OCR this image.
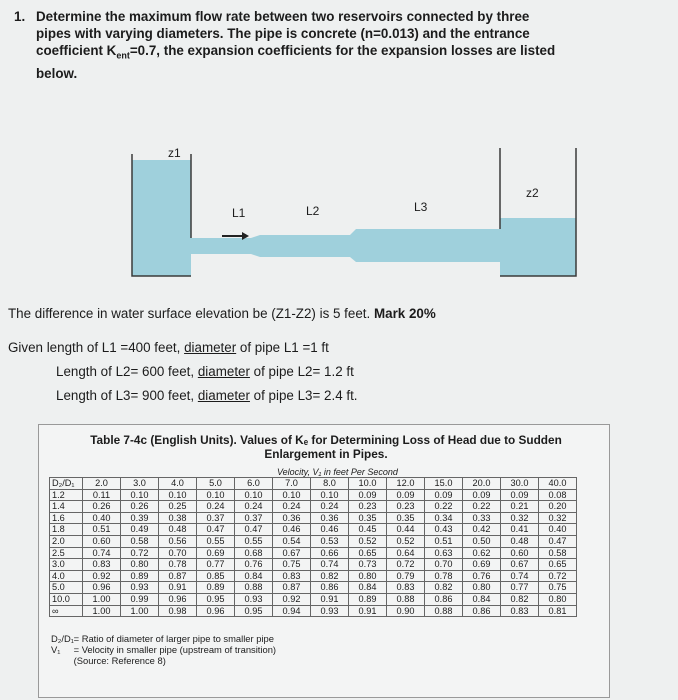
1. Determine the maximum flow rate between two reservoirs connected by three
pipes with varying diameters. The pipe is concrete (n=0.013) and the entrance
coefficient $K_{ent}=0.7$, the expansion coefficients for the expansion losses are listed
below.
z1
z2
L1	L2	L3
The difference in water surface elevation be (Z1-Z2) is 5 feet. Mark 20%
Given length of L1 =400 feet, diameter of pipe L1 =1 ft
Length of L2= 600 feet, diameter of pipe L2= 1.2 ft
Length of L3= 900 feet, diameter of pipe L3= 2.4 ft.
Table 7-4c (English Units). Values of Kₑ for Determining Loss of Head due to Sudden
Enlargement in Pipes.
Velocity, V₁ in feet Per Second
D₂/D₁	2.0	3.0	4.0	5.0	6.0	7.0	8.0	10.0	12.0	15.0	20.0	30.0	40.0
1.2	0.11	0.10	0.10	0.10	0.10	0.10	0.10	0.09	0.09	0.09	0.09	0.09	0.08
1.4	0.26	0.26	0.25	0.24	0.24	0.24	0.24	0.23	0.23	0.22	0.22	0.21	0.20
1.6	0.40	0.39	0.38	0.37	0.37	0.36	0.36	0.35	0.35	0.34	0.33	0.32	0.32
1.8	0.51	0.49	0.48	0.47	0.47	0.46	0.46	0.45	0.44	0.43	0.42	0.41	0.40
2.0	0.60	0.58	0.56	0.55	0.55	0.54	0.53	0.52	0.52	0.51	0.50	0.48	0.47
2.5	0.74	0.72	0.70	0.69	0.68	0.67	0.66	0.65	0.64	0.63	0.62	0.60	0.58
3.0	0.83	0.80	0.78	0.77	0.76	0.75	0.74	0.73	0.72	0.70	0.69	0.67	0.65
4.0	0.92	0.89	0.87	0.85	0.84	0.83	0.82	0.80	0.79	0.78	0.76	0.74	0.72
5.0	0.96	0.93	0.91	0.89	0.88	0.87	0.86	0.84	0.83	0.82	0.80	0.77	0.75
10.0	1.00	0.99	0.96	0.95	0.93	0.92	0.91	0.89	0.88	0.86	0.84	0.82	0.80
∞	1.00	1.00	0.98	0.96	0.95	0.94	0.93	0.91	0.90	0.88	0.86	0.83	0.81
D₂/D₁ = Ratio of diameter of larger pipe to smaller pipe
V₁ = Velocity in smaller pipe (upstream of transition)
(Source: Reference 8)
